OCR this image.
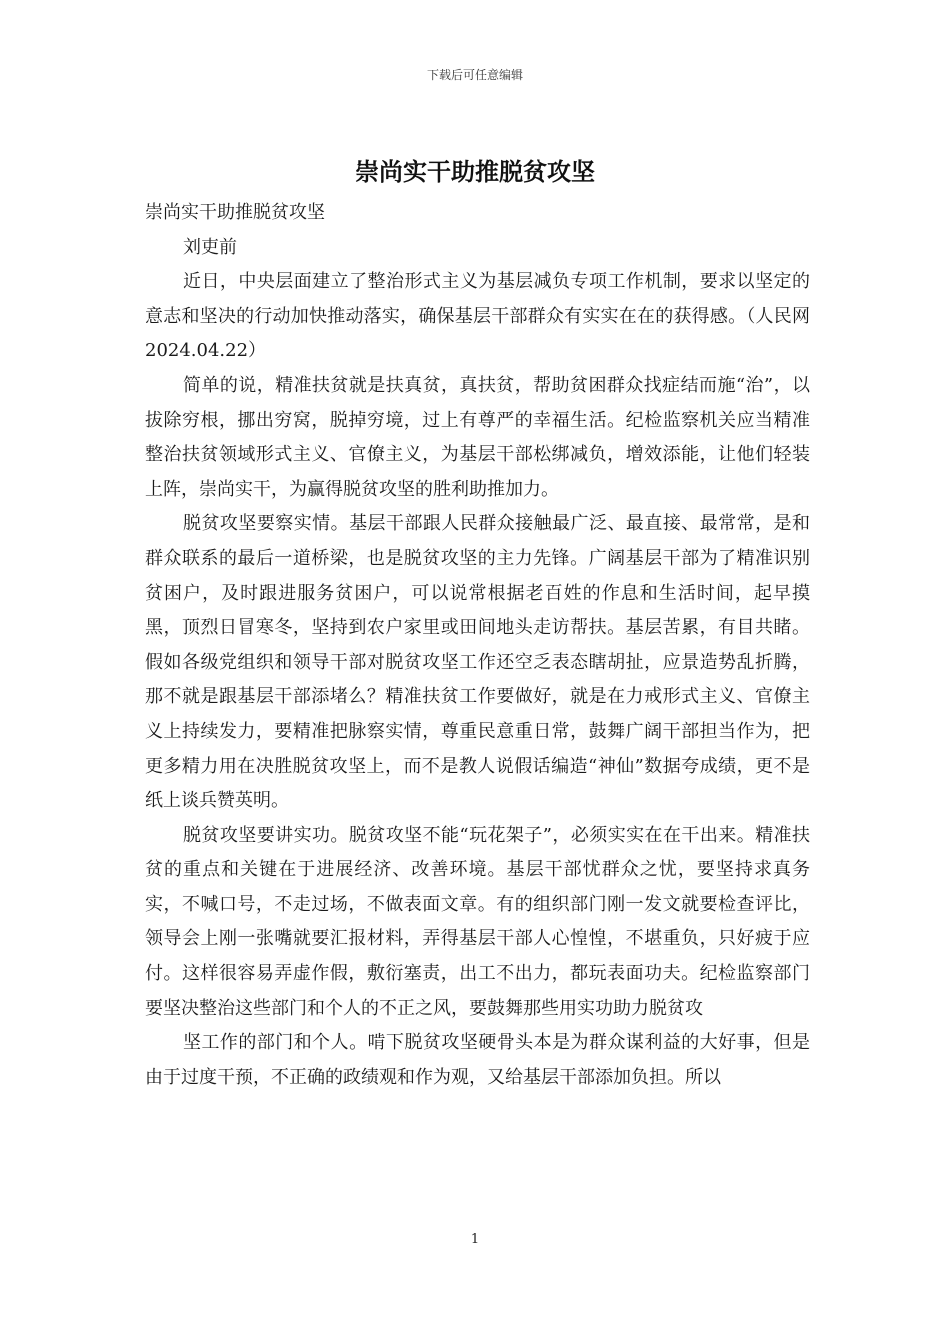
下载后可任意编辑
崇尚实干助推脱贫攻坚

崇尚实干助推脱贫攻坚

刘吏前

近日，中央层面建立了整治形式主义为基层减负专项工作机制，要求以坚定的意志和坚决的行动加快推动落实，确保基层干部群众有实实在在的获得感。（人民网2024.04.22）

简单的说，精准扶贫就是扶真贫，真扶贫，帮助贫困群众找症结而施“治”，以拔除穷根，挪出穷窝，脱掉穷境，过上有尊严的幸福生活。纪检监察机关应当精准整治扶贫领域形式主义、官僚主义，为基层干部松绑减负，增效添能，让他们轻装上阵，崇尚实干，为赢得脱贫攻坚的胜利助推加力。

脱贫攻坚要察实情。基层干部跟人民群众接触最广泛、最直接、最常常，是和群众联系的最后一道桥梁，也是脱贫攻坚的主力先锋。广阔基层干部为了精准识别贫困户，及时跟进服务贫困户，可以说常根据老百姓的作息和生活时间，起早摸黑，顶烈日冒寒冬，坚持到农户家里或田间地头走访帮扶。基层苦累，有目共睹。假如各级党组织和领导干部对脱贫攻坚工作还空乏表态瞎胡扯，应景造势乱折腾，那不就是跟基层干部添堵么？精准扶贫工作要做好，就是在力戒形式主义、官僚主义上持续发力，要精准把脉察实情，尊重民意重日常，鼓舞广阔干部担当作为，把更多精力用在决胜脱贫攻坚上，而不是教人说假话编造“神仙”数据夸成绩，更不是纸上谈兵赞英明。

脱贫攻坚要讲实功。脱贫攻坚不能“玩花架子”，必须实实在在干出来。精准扶贫的重点和关键在于进展经济、改善环境。基层干部忧群众之忧，要坚持求真务实，不喊口号，不走过场，不做表面文章。有的组织部门刚一发文就要检查评比，领导会上刚一张嘴就要汇报材料，弄得基层干部人心惶惶，不堪重负，只好疲于应付。这样很容易弄虚作假，敷衍塞责，出工不出力，都玩表面功夫。纪检监察部门要坚决整治这些部门和个人的不正之风，要鼓舞那些用实功助力脱贫攻

坚工作的部门和个人。啃下脱贫攻坚硬骨头本是为群众谋利益的大好事，但是由于过度干预，不正确的政绩观和作为观，又给基层干部添加负担。所以

1
